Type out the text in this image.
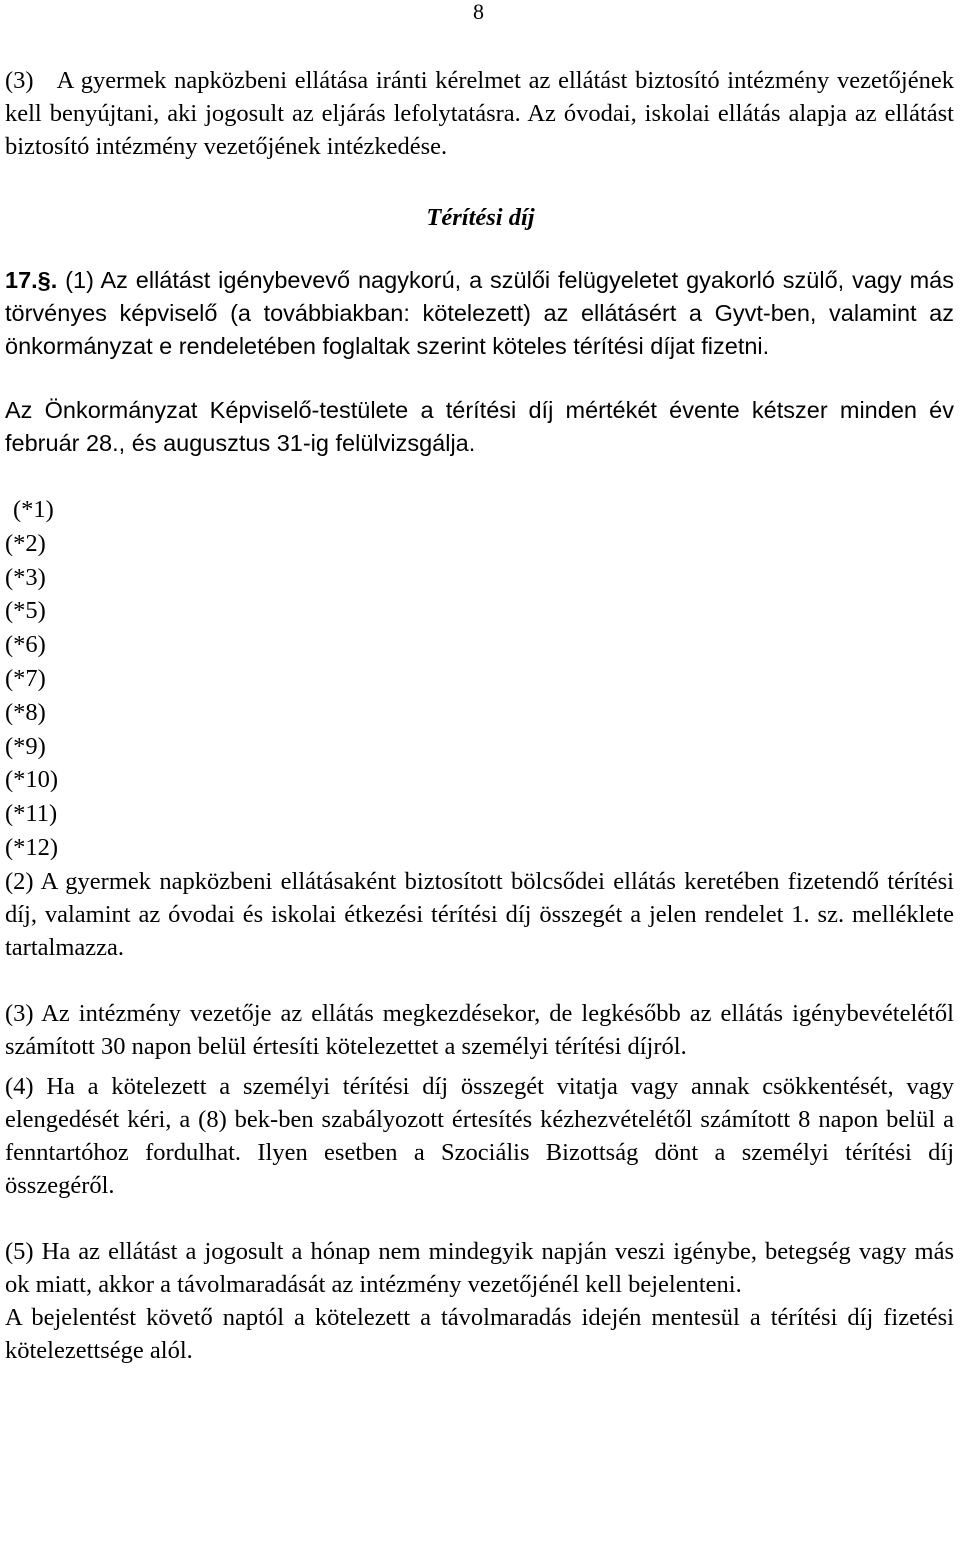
8

(3)   A gyermek napközbeni ellátása iránti kérelmet az ellátást biztosító intézmény vezetőjének kell benyújtani, aki jogosult az eljárás lefolytatásra. Az óvodai, iskolai ellátás alapja az ellátást biztosító intézmény vezetőjének intézkedése.

Térítési díj

17.§. (1) Az ellátást igénybevevő nagykorú, a szülői felügyeletet gyakorló szülő, vagy más törvényes képviselő (a továbbiakban: kötelezett) az ellátásért a Gyvt-ben, valamint az önkormányzat e rendeletében foglaltak szerint köteles térítési díjat fizetni.

Az Önkormányzat Képviselő-testülete a térítési díj mértékét évente kétszer minden év február 28., és augusztus 31-ig felülvizsgálja.

(*1)
(*2)
(*3)
(*5)
(*6)
(*7)
(*8)
(*9)
(*10)
(*11)
(*12)

(2) A gyermek napközbeni ellátásaként biztosított bölcsődei ellátás keretében fizetendő térítési díj, valamint az óvodai és iskolai étkezési térítési díj összegét a jelen rendelet 1. sz. melléklete tartalmazza.

(3) Az intézmény vezetője az ellátás megkezdésekor, de legkésőbb az ellátás igénybevételétől számított 30 napon belül értesíti kötelezettet a személyi térítési díjról.

(4) Ha a kötelezett a személyi térítési díj összegét vitatja vagy annak csökkentését, vagy elengedését kéri, a (8) bek-ben szabályozott értesítés kézhezvételétől számított 8 napon belül a fenntartóhoz fordulhat. Ilyen esetben a Szociális Bizottság dönt a személyi térítési díj összegéről.

(5) Ha az ellátást a jogosult a hónap nem mindegyik napján veszi igénybe, betegség vagy más ok miatt, akkor a távolmaradását az intézmény vezetőjénél kell bejelenteni.

A bejelentést követő naptól a kötelezett a távolmaradás idején mentesül a térítési díj fizetési kötelezettsége alól.
